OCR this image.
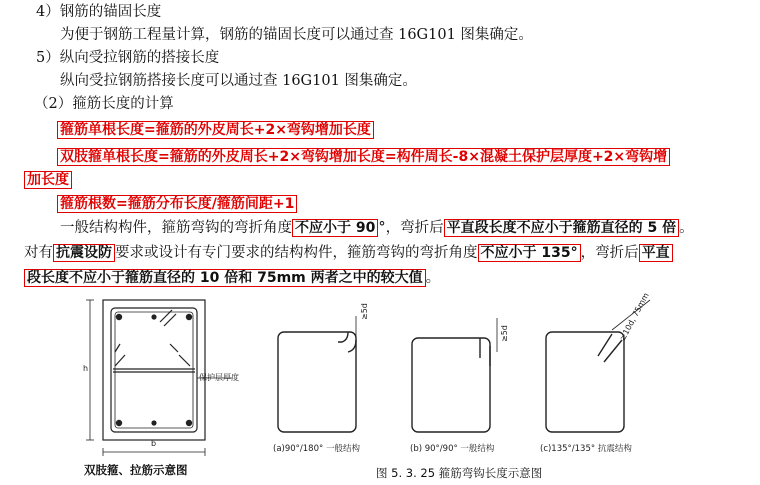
4）钢筋的锚固长度
为便于钢筋工程量计算，钢筋的锚固长度可以通过查 16G101 图集确定。
5）纵向受拉钢筋的搭接长度
纵向受拉钢筋搭接长度可以通过查 16G101 图集确定。
（2）箍筋长度的计算
箍筋单根长度=箍筋的外皮周长+2×弯钩增加长度
双肢箍单根长度=箍筋的外皮周长+2×弯钩增加长度=构件周长-8×混凝土保护层厚度+2×弯钩增
加长度
箍筋根数=箍筋分布长度/箍筋间距+1
一般结构构件，箍筋弯钩的弯折角度 不应小于 90 °，弯折后 平直段长度不应小于箍筋直径的 5 倍 。
对有 抗震设防 要求或设计有专门要求的结构构件，箍筋弯钩的弯折角度 不应小于 135° ，弯折后 平直
段长度不应小于箍筋直径的 10 倍和 75mm 两者之中的较大值 。
h
b
保护层厚度
≥5d
≥5d	≥10d, 75mm
(a)90°/180° 一般结构	(b) 90°/90° 一般结构	(c)135°/135° 抗震结构
双肢箍、拉筋示意图	图 5. 3. 25 箍筋弯钩长度示意图
